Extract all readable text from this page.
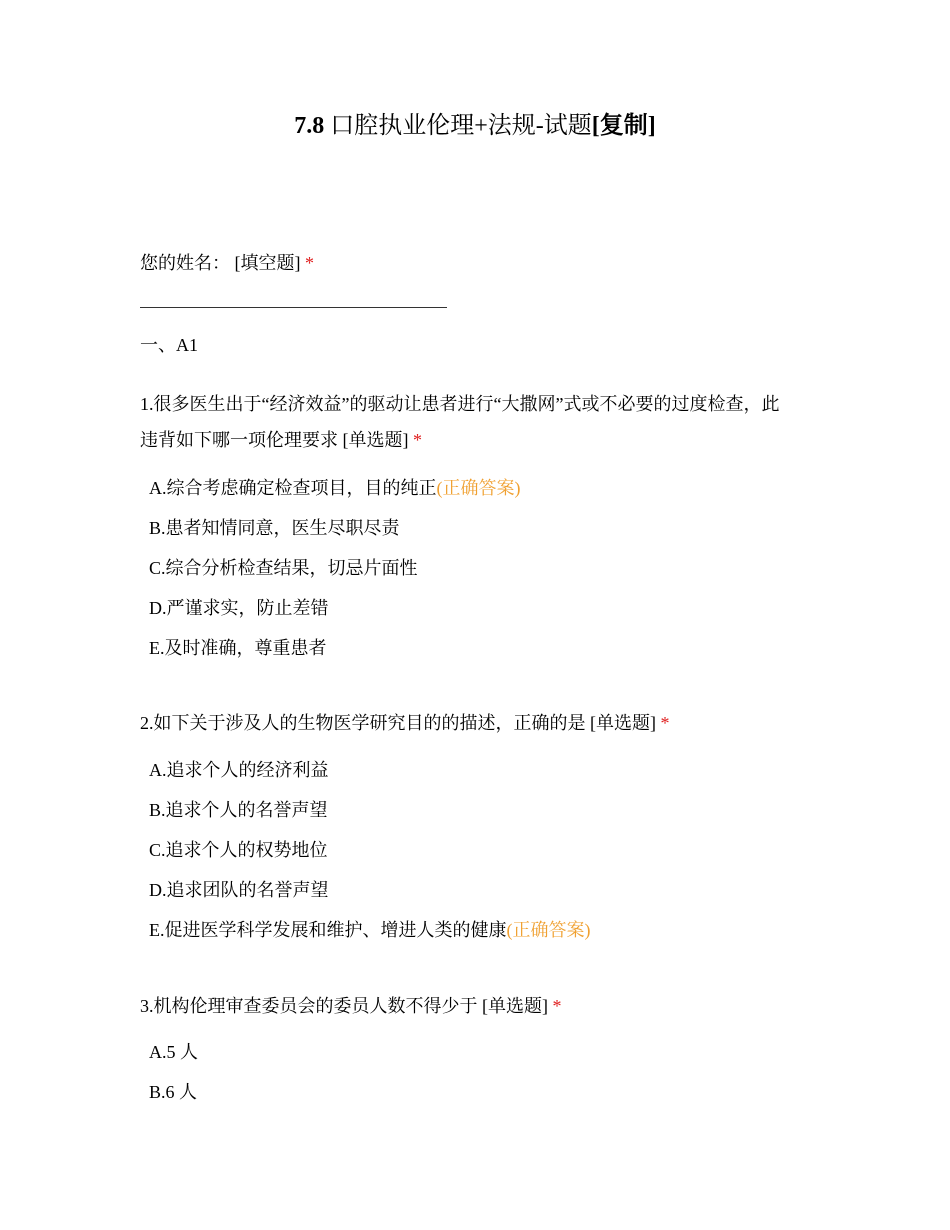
7.8 口腔执业伦理+法规-试题[复制]
您的姓名： [填空题] *
一、A1
1.很多医生出于“经济效益”的驱动让患者进行“大撒网”式或不必要的过度检查，此
违背如下哪一项伦理要求 [单选题] *
A.综合考虑确定检查项目，目的纯正(正确答案)
B.患者知情同意，医生尽职尽责
C.综合分析检查结果，切忌片面性
D.严谨求实，防止差错
E.及时准确，尊重患者
2.如下关于涉及人的生物医学研究目的的描述，正确的是 [单选题] *
A.追求个人的经济利益
B.追求个人的名誉声望
C.追求个人的权势地位
D.追求团队的名誉声望
E.促进医学科学发展和维护、增进人类的健康(正确答案)
3.机构伦理审查委员会的委员人数不得少于 [单选题] *
A.5 人
B.6 人
